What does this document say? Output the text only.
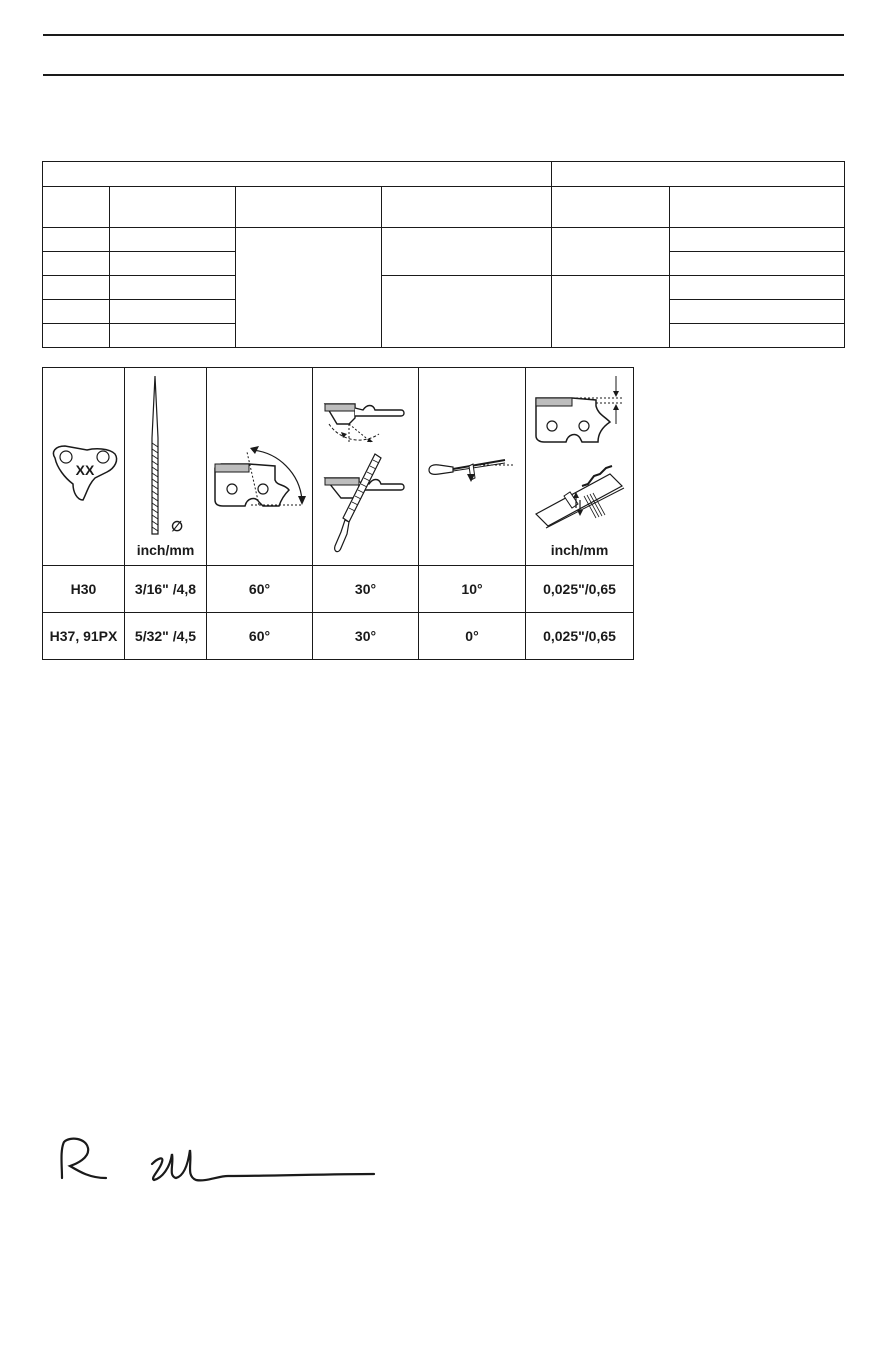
XX	∅
inch/mm				inch/mm

H30	3/16" /4,8	60°	30°	10°	0,025"/0,65
H37, 91PX	5/32" /4,5	60°	30°	0°	0,025"/0,65
